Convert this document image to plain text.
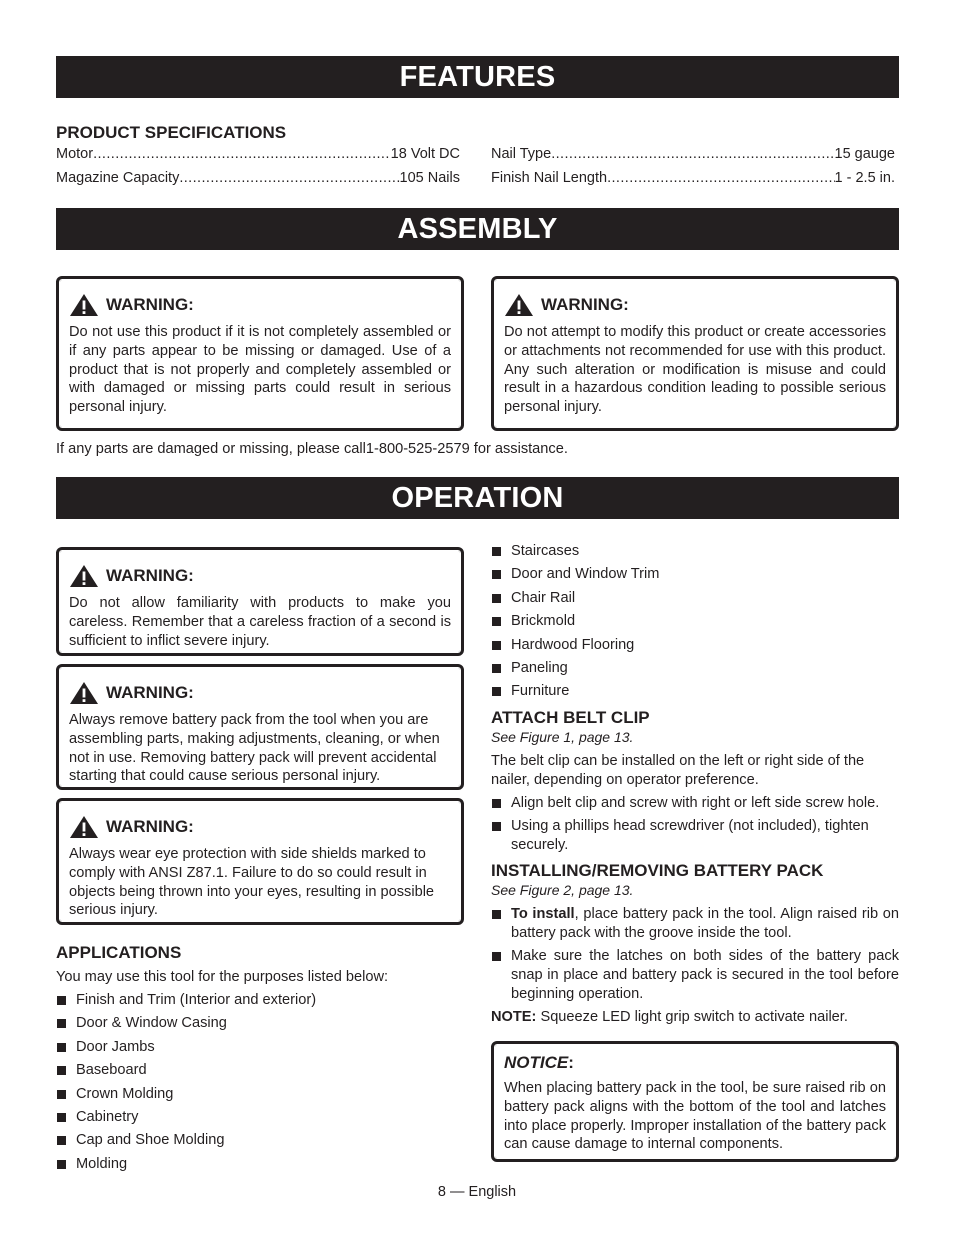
FEATURES
PRODUCT SPECIFICATIONS
Motor .....	18 Volt DC
Magazine Capacity .....	105 Nails
Nail Type .....	15 gauge
Finish Nail Length .....	1 - 2.5 in.
ASSEMBLY
WARNING:
Do not use this product if it is not completely assembled or if any parts appear to be missing or damaged. Use of a product that is not properly and completely assembled or with damaged or missing parts could result in serious personal injury.
WARNING:
Do not attempt to modify this product or create accessories or attachments not recommended for use with this product. Any such alteration or modification is misuse and could result in a hazardous condition leading to possible serious personal injury.
If any parts are damaged or missing, please call1-800-525-2579 for assistance.
OPERATION
WARNING:
Do not allow familiarity with products to make you careless. Remember that a careless fraction of a second is sufficient to inflict severe injury.
WARNING:
Always remove battery pack from the tool when you are assembling parts, making adjustments, cleaning, or when not in use. Removing battery pack will prevent accidental starting that could cause serious personal injury.
WARNING:
Always wear eye protection with side shields marked to comply with ANSI Z87.1. Failure to do so could result in objects being thrown into your eyes, resulting in possible serious injury.
APPLICATIONS
You may use this tool for the purposes listed below:
Finish and Trim (Interior and exterior)
Door & Window Casing
Door Jambs
Baseboard
Crown Molding
Cabinetry
Cap and Shoe Molding
Molding
Staircases
Door and Window Trim
Chair Rail
Brickmold
Hardwood Flooring
Paneling
Furniture
ATTACH BELT CLIP
See Figure 1, page 13.
The belt clip can be installed on the left or right side of the nailer, depending on operator preference.
Align belt clip and screw with right or left side screw hole.
Using a phillips head screwdriver (not included), tighten securely.
INSTALLING/REMOVING BATTERY PACK
See Figure 2, page 13.
To install, place battery pack in the tool. Align raised rib on battery pack with the groove inside the tool.
Make sure the latches on both sides of the battery pack snap in place and battery pack is secured in the tool before beginning operation.
NOTE: Squeeze LED light grip switch to activate nailer.
NOTICE:
When placing battery pack in the tool, be sure raised rib on battery pack aligns with the bottom of the tool and latches into place properly. Improper installation of the battery pack can cause damage to internal components.
8 — English
